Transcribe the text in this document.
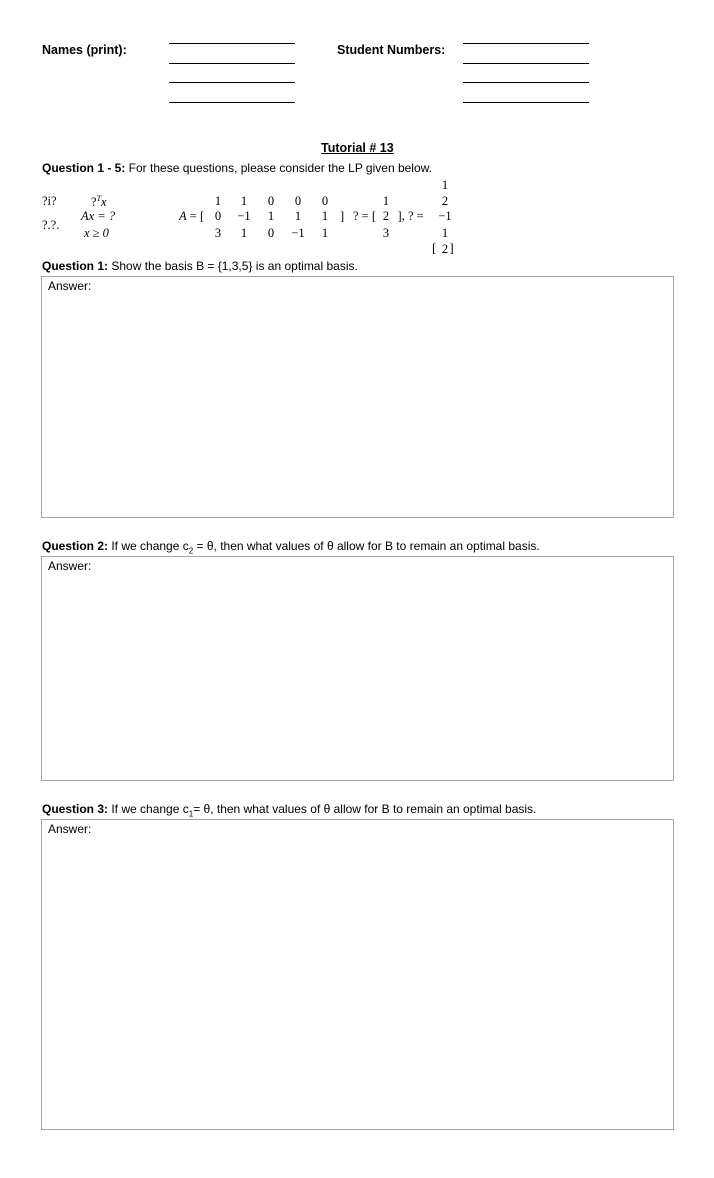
Names (print):	Student Numbers:
Tutorial # 13
Question 1 - 5: For these questions, please consider the LP given below.
?i?	?$^T$x
?.?.
Ax = ?
x ≥ 0
A = [
1	1	0	0	0
0	−1	1	1	1
3	1	0	−1	1
] ? = [
1
2
3
], ? =
1
2
−1
1
2
[ ]
Question 1: Show the basis B = {1,3,5} is an optimal basis.
Answer:
Question 2: If we change $c_2 = \theta$, then what values of θ allow for B to remain an optimal basis.
Answer:
Question 3: If we change $c_1= \theta$, then what values of θ allow for B to remain an optimal basis.
Answer:
